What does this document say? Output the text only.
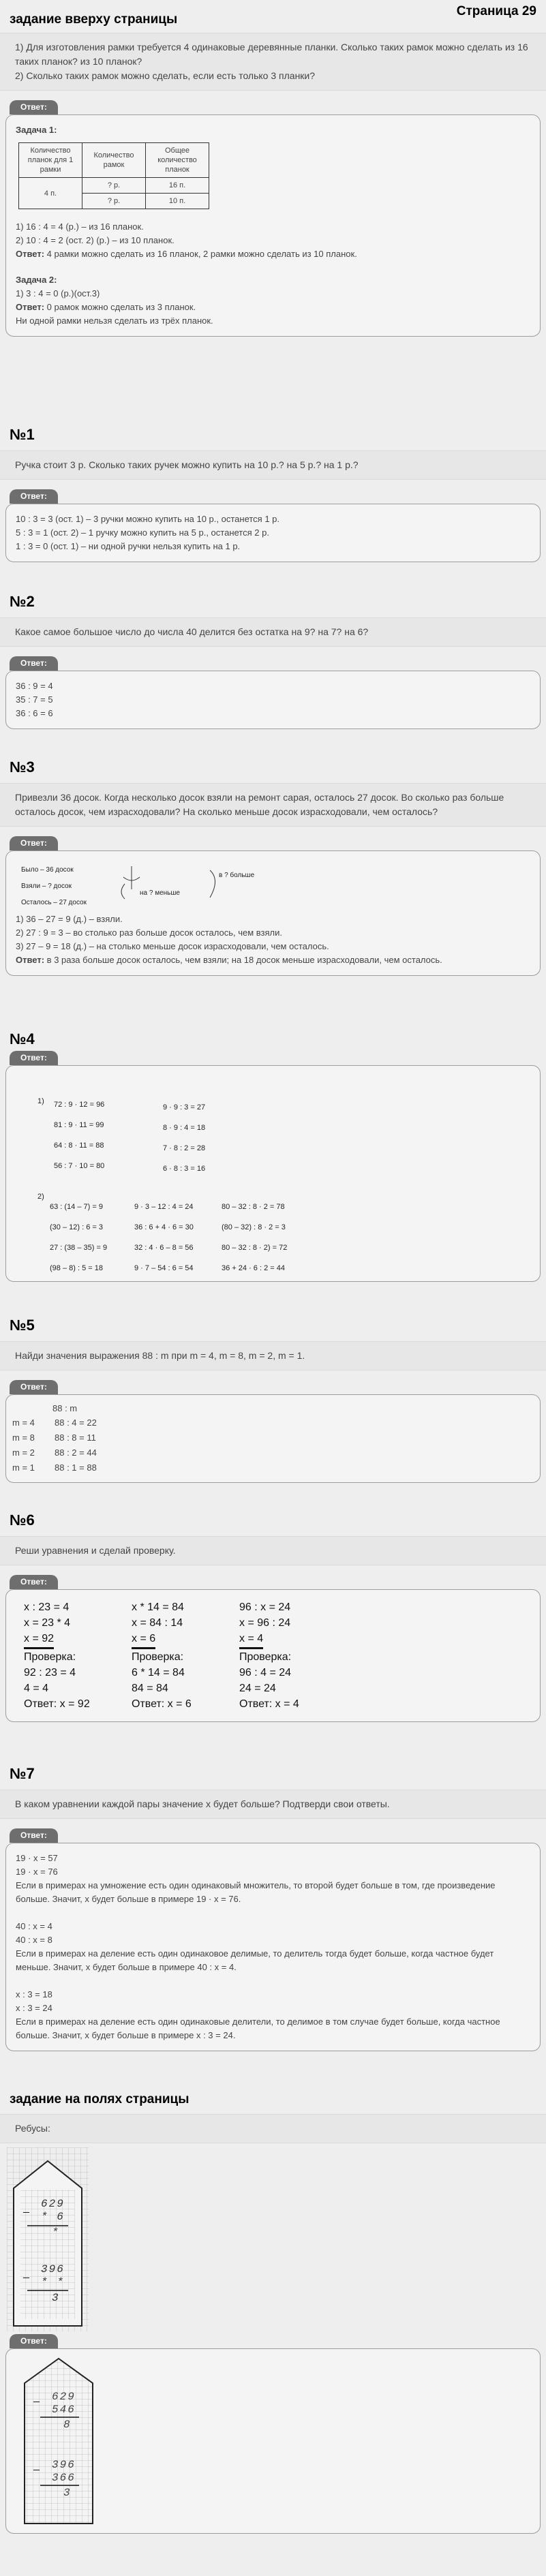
Страница 29
задание вверху страницы
1) Для изготовления рамки требуется 4 одинаковые деревянные планки. Сколько таких рамок можно сделать из 16 таких планок? из 10 планок?
2) Сколько таких рамок можно сделать, если есть только 3 планки?
Ответ:
Задача 1:
Количество планок для 1 рамки	Количество рамок	Общее количество планок
4 п.	? р.	16 п.
	? р.	10 п.
1) 16 : 4 = 4 (р.) – из 16 планок.
2) 10 : 4 = 2 (ост. 2) (р.) – из 10 планок.
Ответ: 4 рамки можно сделать из 16 планок, 2 рамки можно сделать из 10 планок.
Задача 2:
1) 3 : 4 = 0 (р.)(ост.3)
Ответ: 0 рамок можно сделать из 3 планок.
Ни одной рамки нельзя сделать из трёх планок.
№1
Ручка стоит 3 р. Сколько таких ручек можно купить на 10 р.? на 5 р.? на 1 р.?
Ответ:
10 : 3 = 3 (ост. 1) – 3 ручки можно купить на 10 р., останется 1 р.
5 : 3 = 1 (ост. 2) – 1 ручку можно купить на 5 р., останется 2 р.
1 : 3 = 0 (ост. 1) – ни одной ручки нельзя купить на 1 р.
№2
Какое самое большое число до числа 40 делится без остатка на 9? на 7? на 6?
Ответ:
36 : 9 = 4
35 : 7 = 5
36 : 6 = 6
№3
Привезли 36 досок. Когда несколько досок взяли на ремонт сарая, осталось 27 досок. Во сколько раз больше осталось досок, чем израсходовали? На сколько меньше досок израсходовали, чем осталось?
Ответ:
Было – 36 досок
Взяли – ? досок
Осталось – 27 досок
на ? меньше
в ? больше
1) 36 – 27 = 9 (д.) – взяли.
2) 27 : 9 = 3 – во столько раз больше досок осталось, чем взяли.
3) 27 – 9 = 18 (д.) – на столько меньше досок израсходовали, чем осталось.
Ответ: в 3 раза больше досок осталось, чем взяли; на 18 досок меньше израсходовали, чем осталось.
№4
Ответ:
1) 72 : 9 · 12 = 96
81 : 9 · 11 = 99
64 : 8 · 11 = 88
56 : 7 · 10 = 80
9 · 9 : 3 = 27
8 · 9 : 4 = 18
7 · 8 : 2 = 28
6 · 8 : 3 = 16
2)
63 : (14 – 7) = 9
(30 – 12) : 6 = 3
27 : (38 – 35) = 9
(98 – 8) : 5 = 18
9 · 3 – 12 : 4 = 24
36 : 6 + 4 · 6 = 30
32 : 4 · 6 – 8 = 56
9 · 7 – 54 : 6 = 54
80 – 32 : 8 · 2 = 78
(80 – 32) : 8 · 2 = 3
80 – 32 : 8 · 2) = 72
36 + 24 · 6 : 2 = 44
№5
Найди значения выражения 88 : m при m = 4, m = 8, m = 2, m = 1.
Ответ:
88 : m
m = 4	88 : 4 = 22
m = 8	88 : 8 = 11
m = 2	88 : 2 = 44
m = 1	88 : 1 = 88
№6
Реши уравнения и сделай проверку.
Ответ:
x : 23 = 4
x = 23 * 4
x = 92
Проверка:
92 : 23 = 4
4 = 4
Ответ: x = 92
x * 14 = 84
x = 84 : 14
x = 6
Проверка:
6 * 14 = 84
84 = 84
Ответ: x = 6
96 : x = 24
x = 96 : 24
x = 4
Проверка:
96 : 4 = 24
24 = 24
Ответ: x = 4
№7
В каком уравнении каждой пары значение x будет больше? Подтверди свои ответы.
Ответ:
19 · x = 57
19 · x = 76
Если в примерах на умножение есть один одинаковый множитель, то второй будет больше в том, где произведение больше. Значит, x будет больше в примере 19 · x = 76.
40 : x = 4
40 : x = 8
Если в примерах на деление есть один одинаковое делимые, то делитель тогда будет больше, когда частное будет меньше. Значит, x будет больше в примере 40 : x = 4.
x : 3 = 18
x : 3 = 24
Если в примерах на деление есть один одинаковые делители, то делимое в том случае будет больше, когда частное больше. Значит, x будет больше в примере x : 3 = 24.
задание на полях страницы
Ребусы:
–
–
629
* 6
*
396
* *
3
Ответ:
–
–
629
546
8
396
366
3
